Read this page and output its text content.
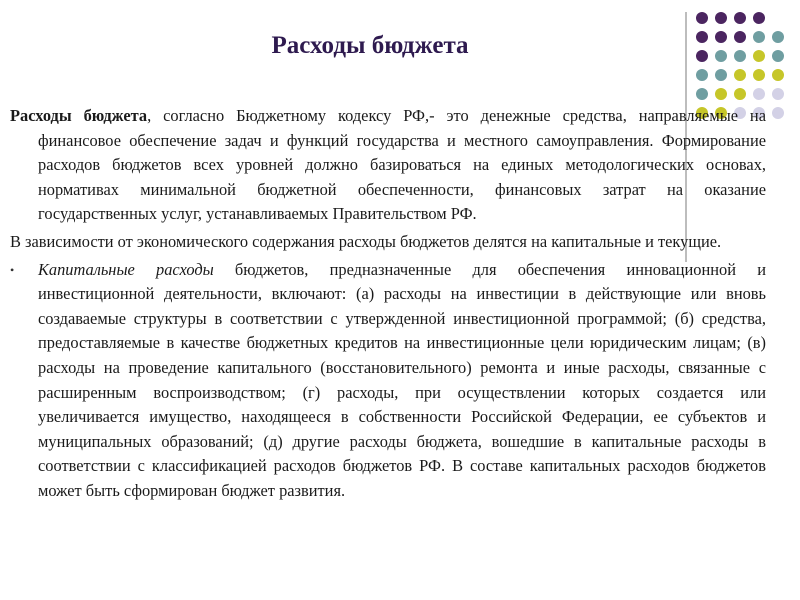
Расходы бюджета

Расходы бюджета, согласно Бюджетному кодексу РФ,- это денежные средства, направляемые на финансовое обеспечение задач и функций государства и местного самоуправления. Формирование расходов бюджетов всех уровней должно базироваться на единых методологических основах, нормативах минимальной бюджетной обеспеченности, финансовых затрат на оказание государственных услуг, устанавливаемых Правительством РФ.

В зависимости от экономического содержания расходы бюджетов делятся на капитальные и текущие.

• Капитальные расходы бюджетов, предназначенные для обеспечения инновационной и инвестиционной деятельности, включают: (а) расходы на инвестиции в действующие или вновь создаваемые структуры в соответствии с утвержденной инвестиционной программой; (б) средства, предоставляемые в качестве бюджетных кредитов на инвестиционные цели юридическим лицам; (в) расходы на проведение капитального (восстановительного) ремонта и иные расходы, связанные с расширенным воспроизводством; (г) расходы, при осуществлении которых создается или увеличивается имущество, находящееся в собственности Российской Федерации, ее субъектов и муниципальных образований; (д) другие расходы бюджета, вошедшие в капитальные расходы в соответствии с классификацией расходов бюджетов РФ. В составе капитальных расходов бюджетов может быть сформирован бюджет развития.
